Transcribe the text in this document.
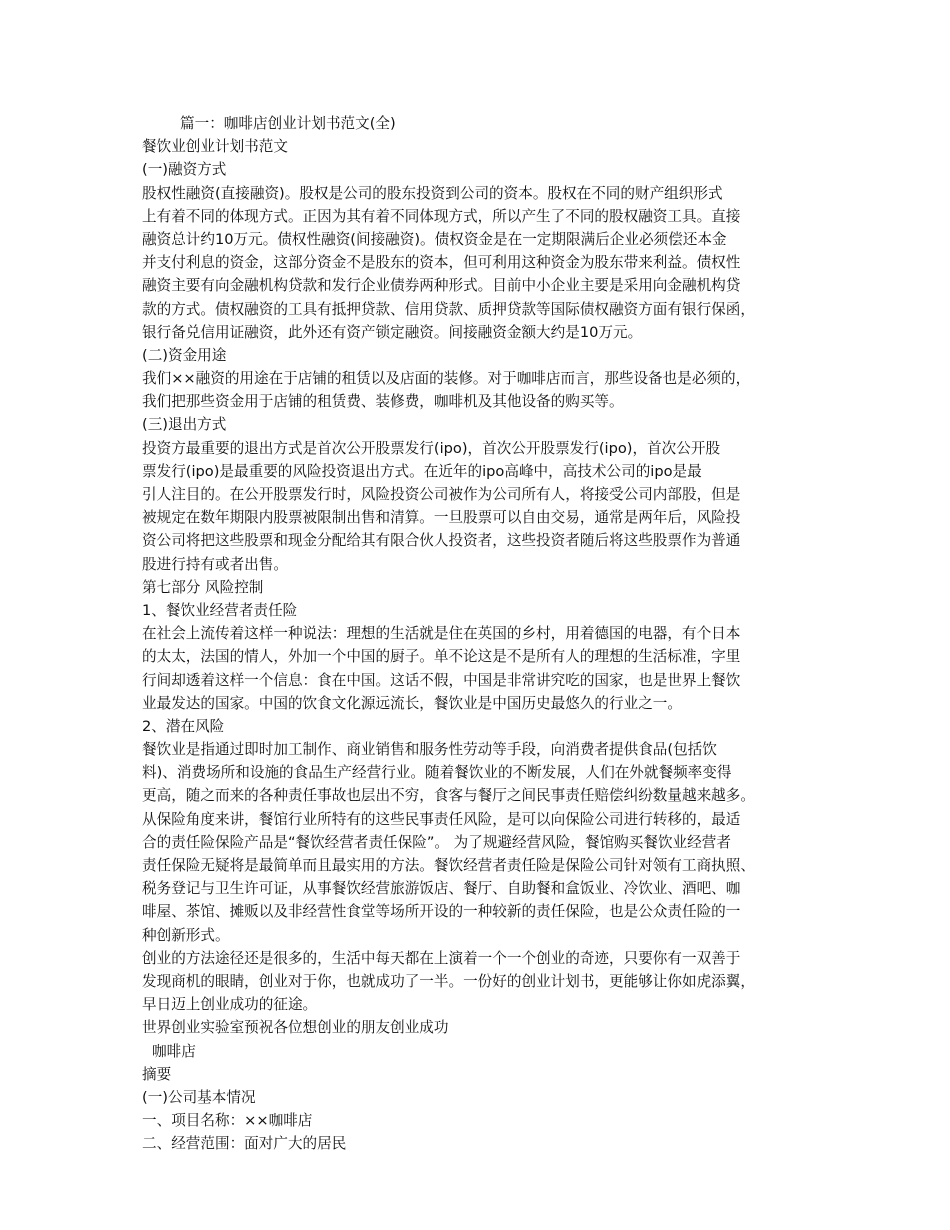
篇一：咖啡店创业计划书范文(全)
餐饮业创业计划书范文
(一)融资方式
股权性融资(直接融资)。股权是公司的股东投资到公司的资本。股权在不同的财产组织形式
上有着不同的体现方式。正因为其有着不同体现方式，所以产生了不同的股权融资工具。直接
融资总计约10万元。债权性融资(间接融资)。债权资金是在一定期限满后企业必须偿还本金
并支付利息的资金，这部分资金不是股东的资本，但可利用这种资金为股东带来利益。债权性
融资主要有向金融机构贷款和发行企业债券两种形式。目前中小企业主要是采用向金融机构贷
款的方式。债权融资的工具有抵押贷款、信用贷款、质押贷款等国际债权融资方面有银行保函，
银行备兑信用证融资，此外还有资产锁定融资。间接融资金额大约是10万元。
(二)资金用途
我们××融资的用途在于店铺的租赁以及店面的装修。对于咖啡店而言，那些设备也是必须的，
我们把那些资金用于店铺的租赁费、装修费，咖啡机及其他设备的购买等。
(三)退出方式
投资方最重要的退出方式是首次公开股票发行(ipo)，首次公开股票发行(ipo)，首次公开股
票发行(ipo)是最重要的风险投资退出方式。在近年的ipo高峰中，高技术公司的ipo是最
引人注目的。在公开股票发行时，风险投资公司被作为公司所有人，将接受公司内部股，但是
被规定在数年期限内股票被限制出售和清算。一旦股票可以自由交易，通常是两年后，风险投
资公司将把这些股票和现金分配给其有限合伙人投资者，这些投资者随后将这些股票作为普通
股进行持有或者出售。
第七部分 风险控制
1、餐饮业经营者责任险
在社会上流传着这样一种说法：理想的生活就是住在英国的乡村，用着德国的电器，有个日本
的太太，法国的情人，外加一个中国的厨子。单不论这是不是所有人的理想的生活标准，字里
行间却透着这样一个信息：食在中国。这话不假，中国是非常讲究吃的国家，也是世界上餐饮
业最发达的国家。中国的饮食文化源远流长，餐饮业是中国历史最悠久的行业之一。
2、潜在风险
餐饮业是指通过即时加工制作、商业销售和服务性劳动等手段，向消费者提供食品(包括饮
料)、消费场所和设施的食品生产经营行业。随着餐饮业的不断发展，人们在外就餐频率变得
更高，随之而来的各种责任事故也层出不穷，食客与餐厅之间民事责任赔偿纠纷数量越来越多。
从保险角度来讲，餐馆行业所特有的这些民事责任风险，是可以向保险公司进行转移的，最适
合的责任险保险产品是“餐饮经营者责任保险”。 为了规避经营风险，餐馆购买餐饮业经营者
责任保险无疑将是最简单而且最实用的方法。餐饮经营者责任险是保险公司针对领有工商执照、
税务登记与卫生许可证，从事餐饮经营旅游饭店、餐厅、自助餐和盒饭业、冷饮业、酒吧、咖
啡屋、茶馆、摊贩以及非经营性食堂等场所开设的一种较新的责任保险，也是公众责任险的一
种创新形式。
创业的方法途径还是很多的，生活中每天都在上演着一个一个创业的奇迹，只要你有一双善于
发现商机的眼睛，创业对于你，也就成功了一半。一份好的创业计划书，更能够让你如虎添翼，
早日迈上创业成功的征途。
世界创业实验室预祝各位想创业的朋友创业成功
咖啡店
摘要
(一)公司基本情况
一、项目名称：××咖啡店
二、经营范围：面对广大的居民
